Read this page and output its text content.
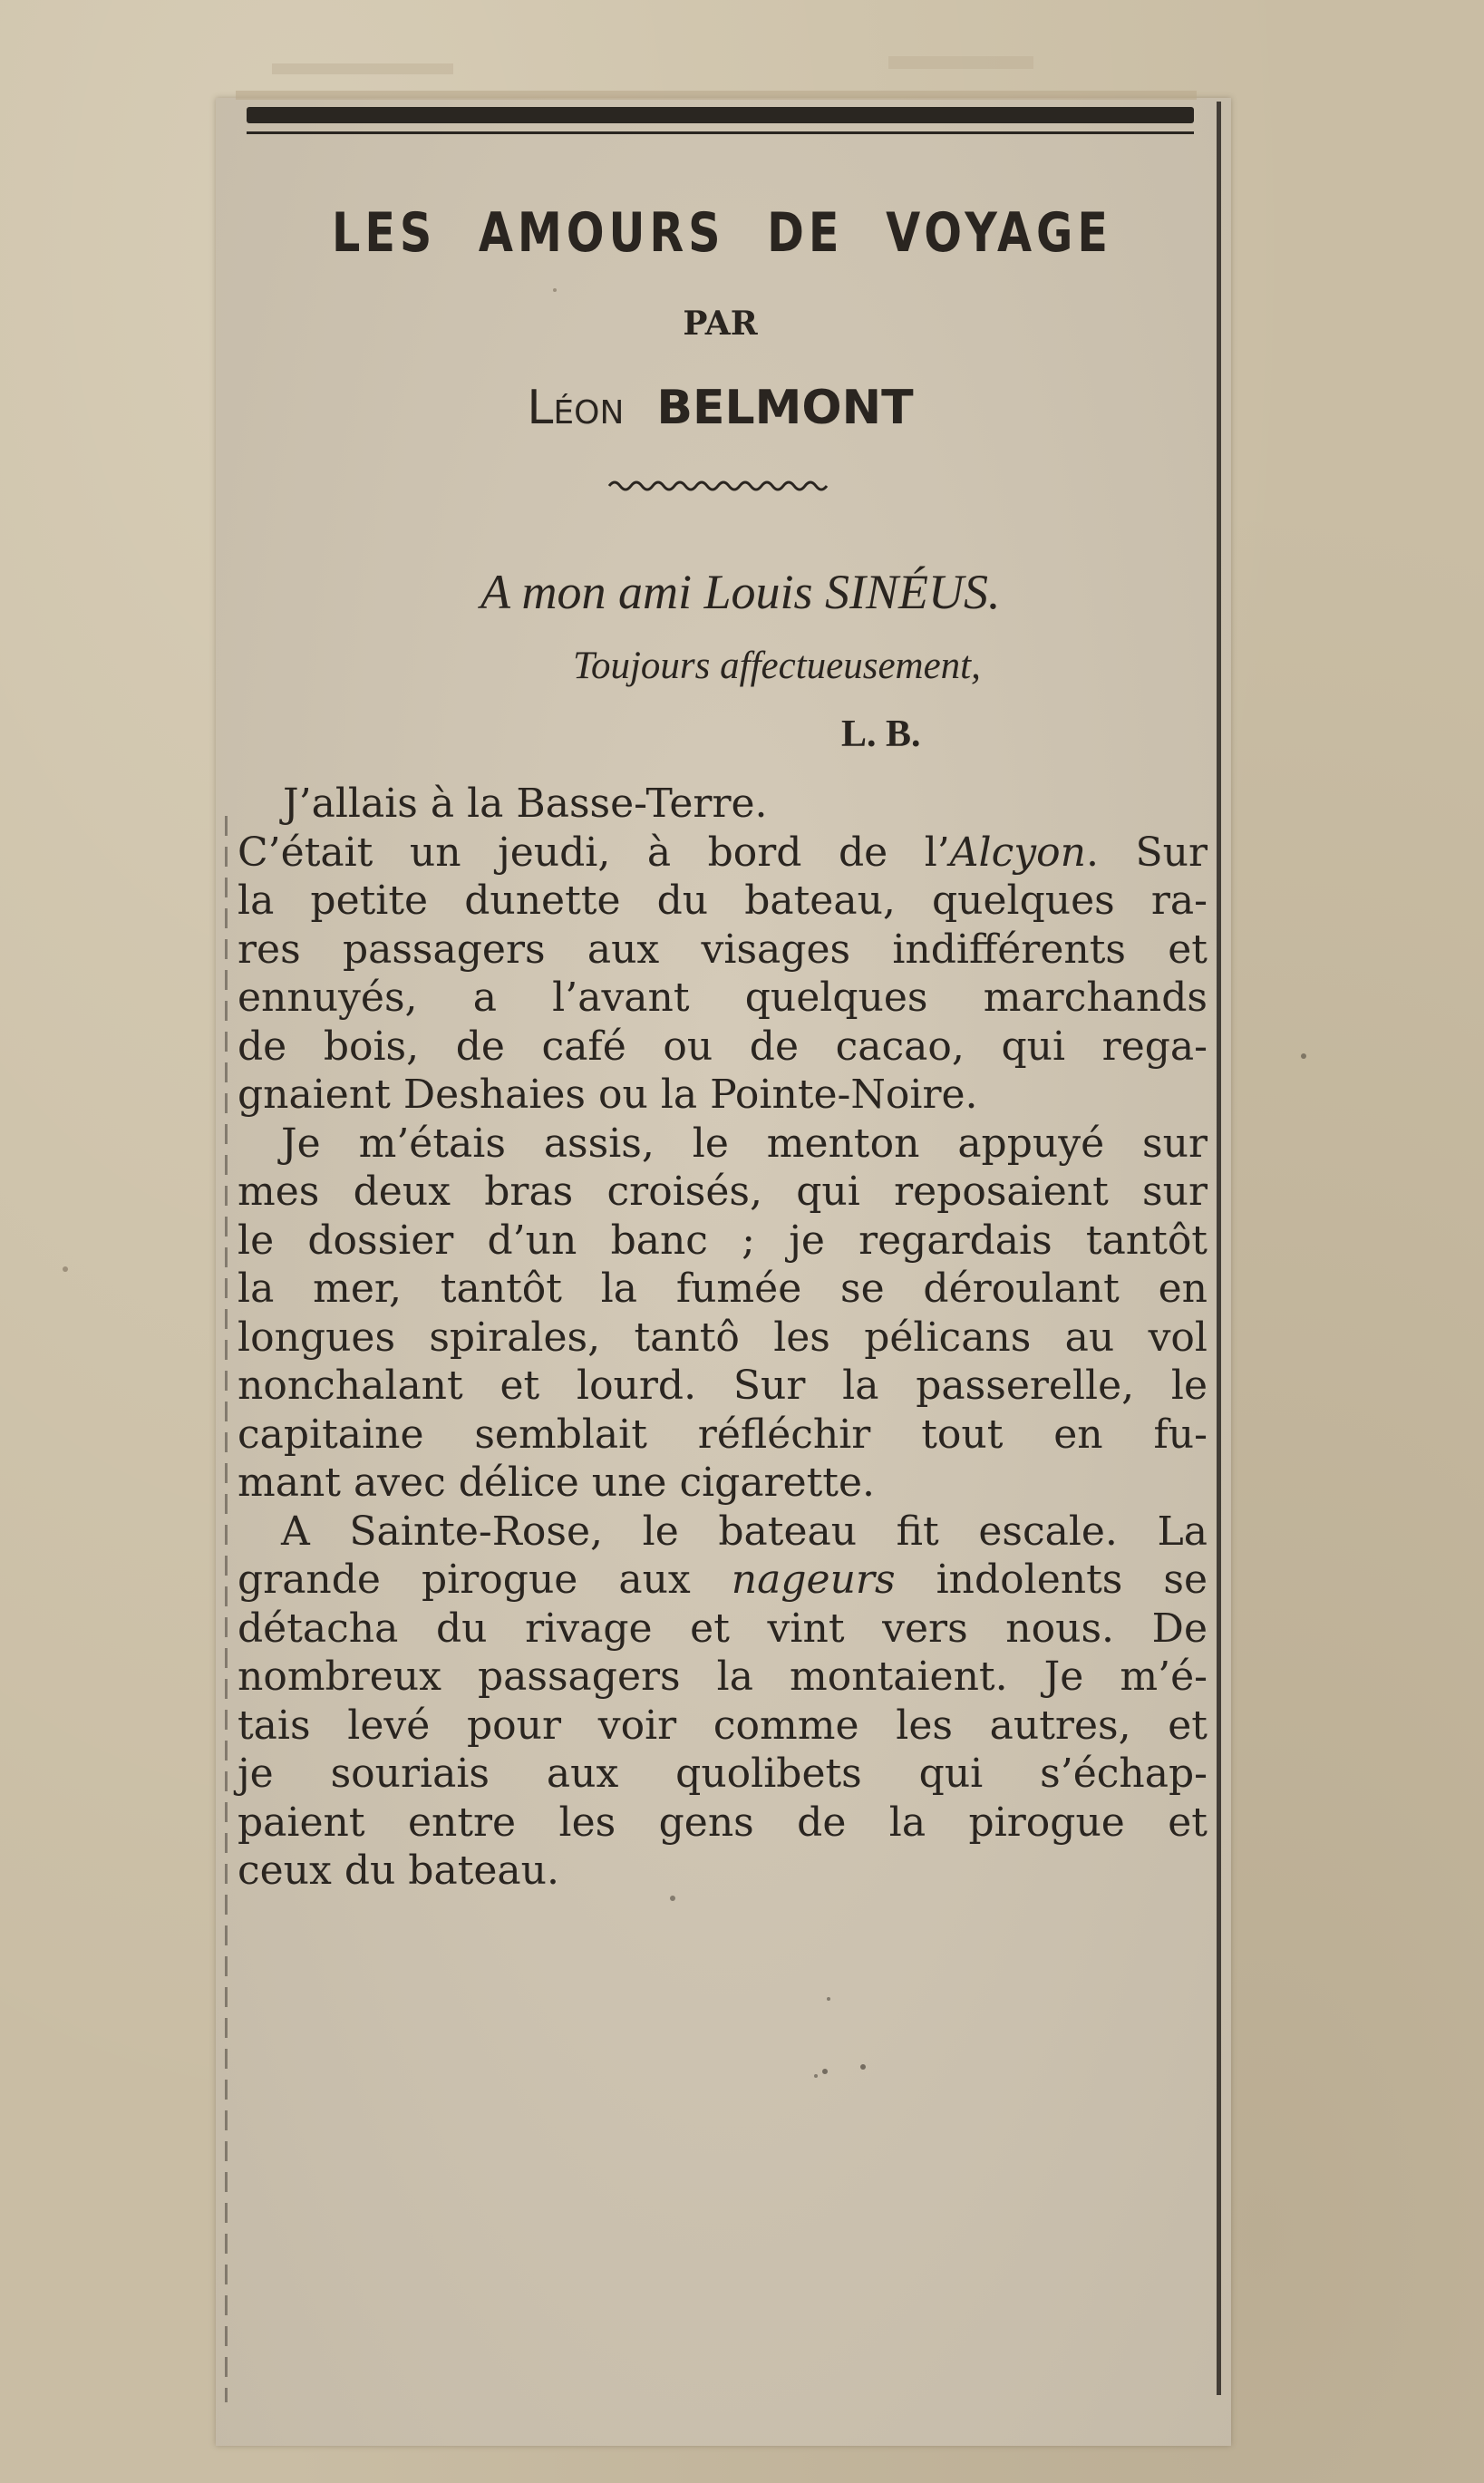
LES AMOURS DE VOYAGE
PAR
Léon BELMONT
A mon ami Louis SINÉUS.
Toujours affectueusement,
L. B.
J’allais à la Basse-Terre.
C’était un jeudi, à bord de l’Alcyon. Sur
la petite dunette du bateau, quelques ra-
res passagers aux visages indifférents et
ennuyés, a l’avant quelques marchands
de bois, de café ou de cacao, qui rega-
gnaient Deshaies ou la Pointe-Noire.
Je m’étais assis, le menton appuyé sur
mes deux bras croisés, qui reposaient sur
le dossier d’un banc ; je regardais tantôt
la mer, tantôt la fumée se déroulant en
longues spirales, tantô les pélicans au vol
nonchalant et lourd. Sur la passerelle, le
capitaine semblait réfléchir tout en fu-
mant avec délice une cigarette.
A Sainte-Rose, le bateau fit escale. La
grande pirogue aux nageurs indolents se
détacha du rivage et vint vers nous. De
nombreux passagers la montaient. Je m’é-
tais levé pour voir comme les autres, et
je souriais aux quolibets qui s’échap-
paient entre les gens de la pirogue et
ceux du bateau.
